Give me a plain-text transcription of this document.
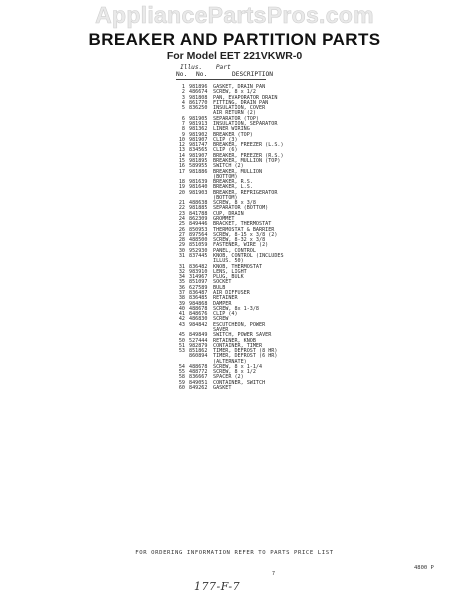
AppliancePartsPros.com
BREAKER AND PARTITION PARTS
For Model EET 221VKWR-0
Illus. Part
No. No.	DESCRIPTION
1 981896	GASKET, DRAIN PAN
2 486674	SCREW, 8 x 1/2
3 981808	PAN, EVAPORATOR DRAIN
4 861770	FITTING, DRAIN PAN
5 836250	INSULATION, COVER
AIR RETURN (2)
6 981905	SEPARATOR (TOP)
7 981913	INSULATION, SEPARATOR
8 981362	LINER WIRING
9 981902	BREAKER (TOP)
10 981907	CLIP (3)
12 981747	BREAKER, FREEZER (L.S.)
13 834565	CLIP (6)
14 981907	BREAKER, FREEZER (R.S.)
15 981895	BREAKER, MULLION (TOP)
16 589955	SWITCH (2)
17 981886	BREAKER, MULLION
(BOTTOM)
18 981639	BREAKER, R.S.
19 981640	BREAKER, L.S.
20 981903	BREAKER, REFRIGERATOR
(BOTTOM)
21 488638	SCREW, 8 x 3/8
22 981885	SEPARATOR (BOTTOM)
23 841788	CUP, DRAIN
24 862309	GROMMET
25 849446	BRACKET, THERMOSTAT
26 850953	THERMOSTAT & BARRIER
27 897564	SCREW, 8-15 x 3/8 (2)
28 488500	SCREW, 8-32 x 3/8
29 851059	FASTENER, WIRE (2)
30 952930	PANEL, CONTROL
31 837445	KNOB, CONTROL (INCLUDES
ILLUS. 50)
31 836482	KNOB, THERMOSTAT
32 983910	LENS, LIGHT
34 314967	PLUG, BULK
35 851097	SOCKET
36 627589	BULB
37 836487	AIR DIFFUSER
38 836485	RETAINER
39 984868	DAMPER
40 488678	SCREW, 8x 1-3/8
41 848676	CLIP (4)
42 486830	SCREW
43 984842	ESCUTCHEON, POWER
SAVER
45 849849	SWITCH, POWER SAVER
50 527444	RETAINER, KNOB
51 982879	CONTAINER, TIMER
53 851862	TIMER, DEFROST (8 HR)
860894	TIMER, DEFROST (6 HR)
(ALTERNATE)
54 488678	SCREW, 8 x 1-1/4
55 488772	SCREW, 8 x 1/2
58 836667	SPACER (2)
59 849051	CONTAINER, SWITCH
60 849262	GASKET
FOR ORDERING INFORMATION REFER TO PARTS PRICE LIST
7
4800 P
177-F-7
